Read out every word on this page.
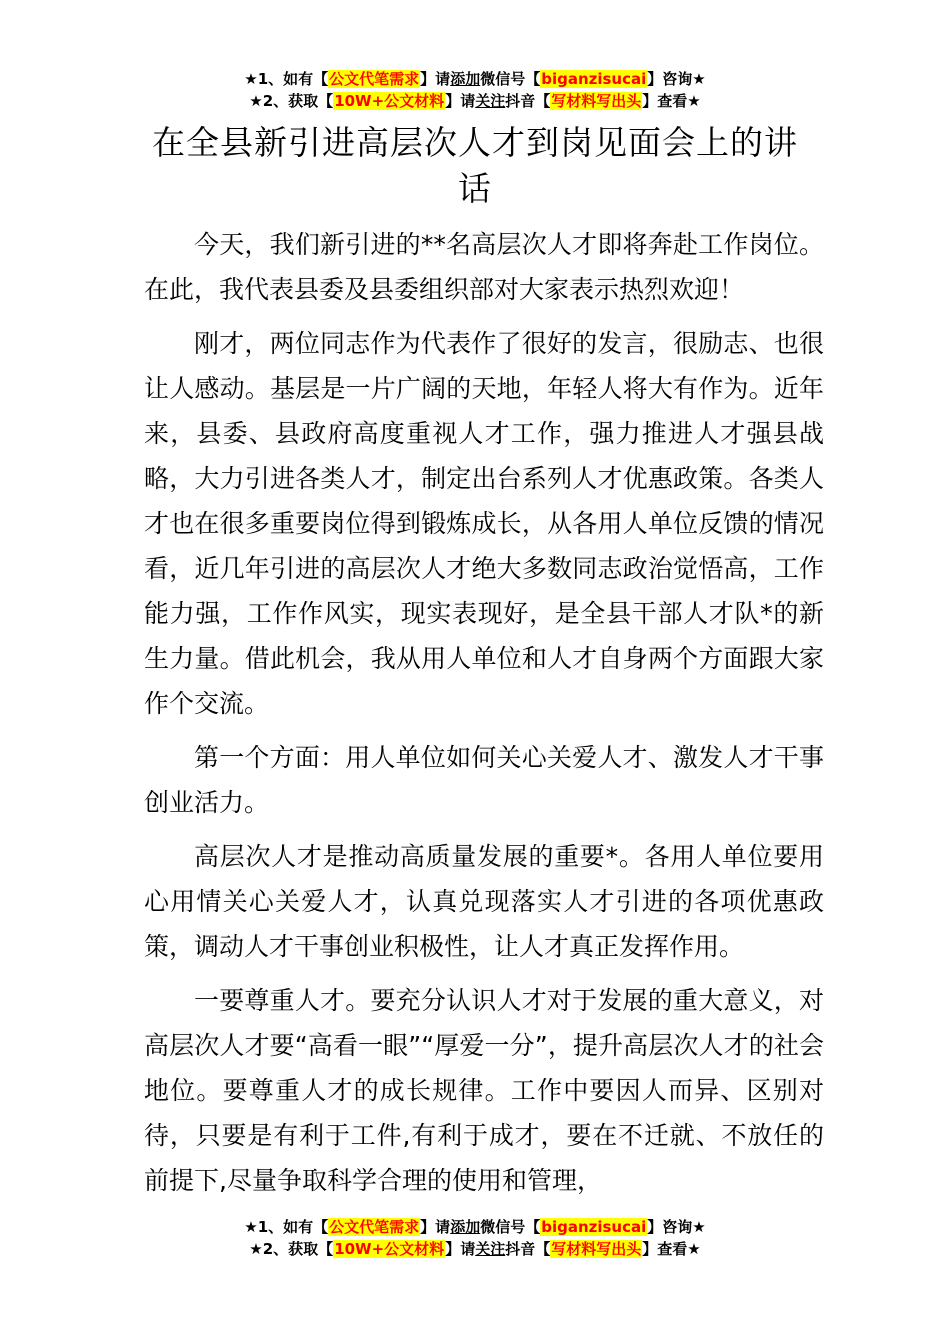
★1、如有【公文代笔需求】请添加微信号【biganzisucai】咨询★
★2、获取【10W+公文材料】请关注抖音【写材料写出头】查看★
在全县新引进高层次人才到岗见面会上的讲话

今天，我们新引进的**名高层次人才即将奔赴工作岗位。在此，我代表县委及县委组织部对大家表示热烈欢迎！

刚才，两位同志作为代表作了很好的发言，很励志、也很让人感动。基层是一片广阔的天地，年轻人将大有作为。近年来，县委、县政府高度重视人才工作，强力推进人才强县战略，大力引进各类人才，制定出台系列人才优惠政策。各类人才也在很多重要岗位得到锻炼成长，从各用人单位反馈的情况看，近几年引进的高层次人才绝大多数同志政治觉悟高，工作能力强，工作作风实，现实表现好，是全县干部人才队*的新生力量。借此机会，我从用人单位和人才自身两个方面跟大家作个交流。

第一个方面：用人单位如何关心关爱人才、激发人才干事创业活力。

高层次人才是推动高质量发展的重要*。各用人单位要用心用情关心关爱人才，认真兑现落实人才引进的各项优惠政策，调动人才干事创业积极性，让人才真正发挥作用。

一要尊重人才。要充分认识人才对于发展的重大意义，对高层次人才要“高看一眼”“厚爱一分”，提升高层次人才的社会地位。要尊重人才的成长规律。工作中要因人而异、区别对待，只要是有利于工件,有利于成才，要在不迁就、不放任的前提下,尽量争取科学合理的使用和管理，

★1、如有【公文代笔需求】请添加微信号【biganzisucai】咨询★
★2、获取【10W+公文材料】请关注抖音【写材料写出头】查看★
